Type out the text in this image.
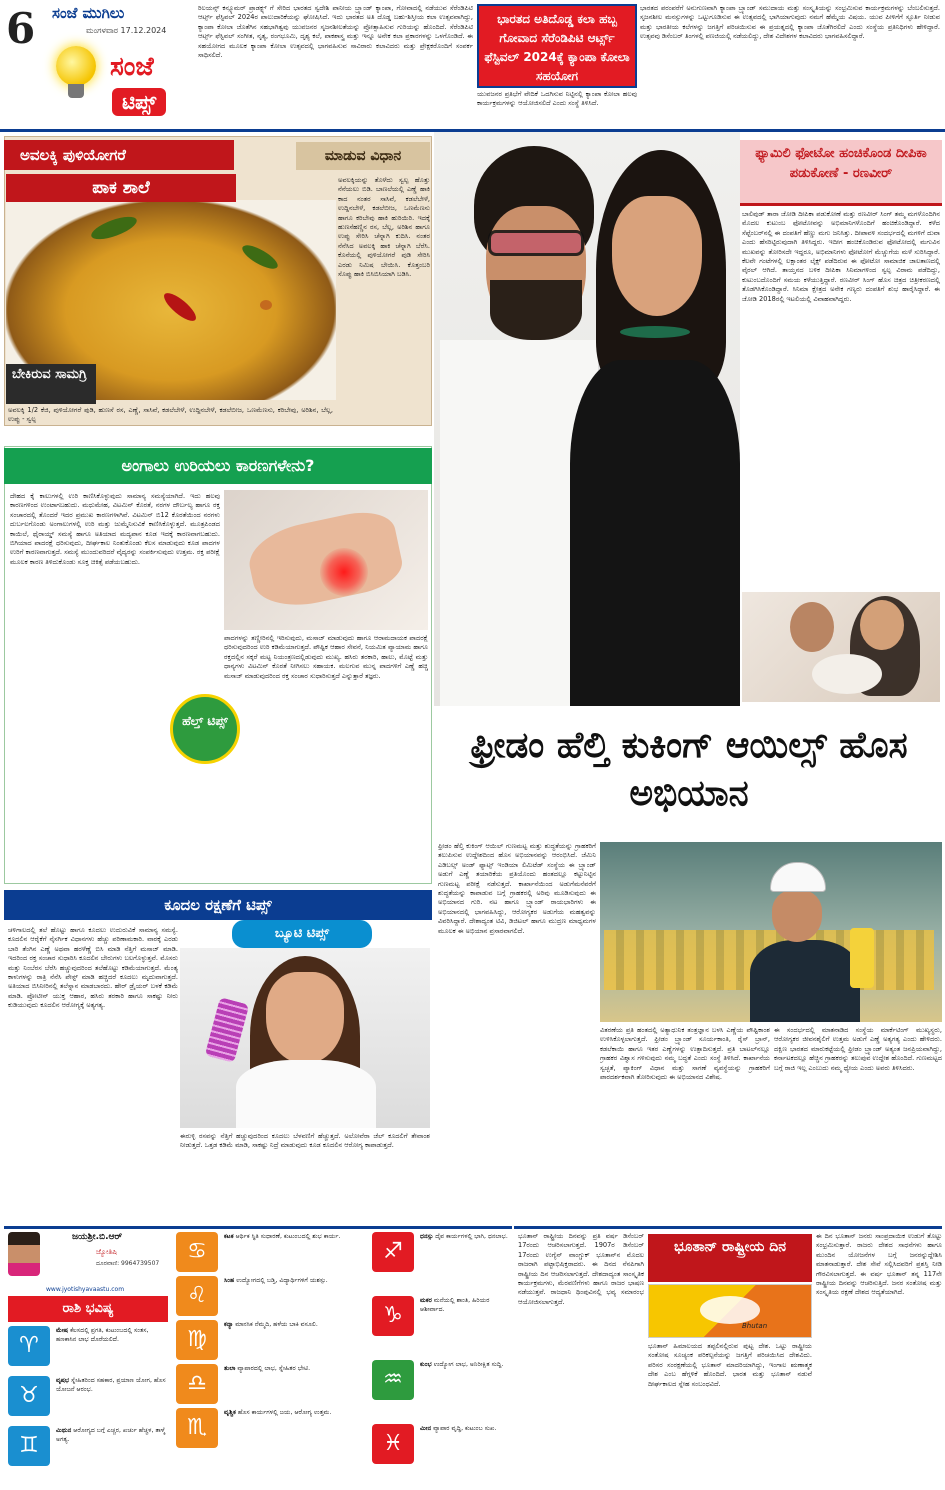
6 ಸಂಜೆ ಮುಗಿಲು
ಮಂಗಳವಾರ 17.12.2024
ಸಂಜೆ
ಟಿಪ್ಸ್
ರಿಲಯನ್ಸ್ ಕನ್ಸ್ಯೂಮರ್ ಪ್ರಾಡಕ್ಟ್ಸ್ ಗೆ ಸೇರಿದ ಭಾರತದ ಸ್ವದೇಶಿ ಪಾನೀಯ ಬ್ರ್ಯಾಂಡ್ ಕ್ಯಾಂಪಾ, ಗೋವಾದಲ್ಲಿ ನಡೆಯುವ ಸೆರೆಂಡಿಪಿಟಿ ಆರ್ಟ್ಸ್ ಫೆಸ್ಟಿವಲ್ 2024ರ ಪಾಲುದಾರಿಕೆಯನ್ನು ಘೋಷಿಸಿದೆ. ಇದು ಭಾರತದ ಅತಿ ದೊಡ್ಡ ಬಹು-ಶಿಸ್ತೀಯ ಕಲಾ ಉತ್ಸವವಾಗಿದ್ದು, ಕ್ಯಾಂಪಾ ಕೋಲಾ ಜೊತೆಗಿನ ಸಹಭಾಗಿತ್ವವು ಯುವಜನರ ಸೃಜನಶೀಲತೆಯನ್ನು ಪ್ರೋತ್ಸಾಹಿಸುವ ಗುರಿಯನ್ನು ಹೊಂದಿದೆ. ಸೆರೆಂಡಿಪಿಟಿ ಆರ್ಟ್ಸ್ ಫೆಸ್ಟಿವಲ್ ಸಂಗೀತ, ನೃತ್ಯ, ರಂಗಭೂಮಿ, ದೃಶ್ಯ ಕಲೆ, ಪಾಕಶಾಸ್ತ್ರ ಮತ್ತು ಇನ್ನೂ ಅನೇಕ ಕಲಾ ಪ್ರಕಾರಗಳನ್ನು ಒಳಗೊಂಡಿದೆ. ಈ ಸಹಯೋಗದ ಮೂಲಕ ಕ್ಯಾಂಪಾ ಕೋಲಾ ಉತ್ಸವದಲ್ಲಿ ಭಾಗವಹಿಸುವ ಸಾವಿರಾರು ಕಲಾವಿದರು ಮತ್ತು ಪ್ರೇಕ್ಷಕರೊಂದಿಗೆ ಸಂಪರ್ಕ ಸಾಧಿಸಲಿದೆ.
ಭಾರತದ ಅತಿದೊಡ್ಡ ಕಲಾ ಹಬ್ಬ ಗೋವಾದ ಸೆರೆಂಡಿಪಿಟಿ ಆರ್ಟ್ಸ್ ಫೆಸ್ಟಿವಲ್ 2024ಕ್ಕೆ ಕ್ಯಾಂಪಾ ಕೋಲಾ ಸಹಯೋಗ
ಯುವಜನರ ಪ್ರತಿಭೆಗೆ ವೇದಿಕೆ ಒದಗಿಸುವ ನಿಟ್ಟಿನಲ್ಲಿ ಕ್ಯಾಂಪಾ ಕೋಲಾ ಹಲವು ಕಾರ್ಯಕ್ರಮಗಳನ್ನು ಆಯೋಜಿಸಲಿದೆ ಎಂದು ಸಂಸ್ಥೆ ತಿಳಿಸಿದೆ.
ಭಾರತದ ಪರಂಪರೆಗೆ ಅನುಗುಣವಾಗಿ ಕ್ಯಾಂಪಾ ಬ್ರ್ಯಾಂಡ್ ಸಮುದಾಯ ಮತ್ತು ಸಂಸ್ಕೃತಿಯನ್ನು ಸಂಭ್ರಮಿಸುವ ಕಾರ್ಯಕ್ರಮಗಳನ್ನು ಬೆಂಬಲಿಸುತ್ತದೆ. ಸೃಜನಶೀಲ ಮನಸ್ಸುಗಳನ್ನು ಒಟ್ಟುಗೂಡಿಸುವ ಈ ಉತ್ಸವದಲ್ಲಿ ಭಾಗಿಯಾಗುವುದು ನಮಗೆ ಹೆಮ್ಮೆಯ ವಿಷಯ. ಯುವ ಪೀಳಿಗೆಗೆ ಸ್ಫೂರ್ತಿ ನೀಡುವ ಮತ್ತು ಭಾರತೀಯ ಕಲೆಗಳನ್ನು ಜಗತ್ತಿಗೆ ಪರಿಚಯಿಸುವ ಈ ಪ್ರಯತ್ನದಲ್ಲಿ ಕ್ಯಾಂಪಾ ಜೊತೆಗಿರಲಿದೆ ಎಂದು ಸಂಸ್ಥೆಯ ಪ್ರತಿನಿಧಿಗಳು ಹೇಳಿದ್ದಾರೆ. ಉತ್ಸವವು ಡಿಸೆಂಬರ್ ತಿಂಗಳಲ್ಲಿ ಪಣಜಿಯಲ್ಲಿ ನಡೆಯಲಿದ್ದು, ದೇಶ ವಿದೇಶಗಳ ಕಲಾವಿದರು ಭಾಗವಹಿಸಲಿದ್ದಾರೆ.
ಅವಲಕ್ಕಿ ಪುಳಿಯೋಗರೆ	ಮಾಡುವ ವಿಧಾನ
ಪಾಕ ಶಾಲೆ
ಬೇಕಿರುವ ಸಾಮಗ್ರಿ
ಅವಲಕ್ಕಿಯನ್ನು ತೊಳೆದು ಸ್ವಲ್ಪ ಹೊತ್ತು ನೆನೆಯಲು ಬಿಡಿ. ಬಾಣಲೆಯಲ್ಲಿ ಎಣ್ಣೆ ಹಾಕಿ ಕಾದ ನಂತರ ಸಾಸಿವೆ, ಕಡಲೆಬೇಳೆ, ಉದ್ದಿನಬೇಳೆ, ಕಡಲೆಬೀಜ, ಒಣಮೆಣಸು ಹಾಗೂ ಕರಿಬೇವು ಹಾಕಿ ಹುರಿಯಿರಿ. ಇದಕ್ಕೆ ಹುಣಸೆಹಣ್ಣಿನ ರಸ, ಬೆಲ್ಲ, ಅರಿಶಿನ ಹಾಗೂ ಉಪ್ಪು ಸೇರಿಸಿ ಚೆನ್ನಾಗಿ ಕುದಿಸಿ. ನಂತರ ನೆನೆಸಿದ ಅವಲಕ್ಕಿ ಹಾಕಿ ಚೆನ್ನಾಗಿ ಬೆರೆಸಿ. ಕೊನೆಯಲ್ಲಿ ಪುಳಿಯೋಗರೆ ಪುಡಿ ಸೇರಿಸಿ ಎರಡು ನಿಮಿಷ ಬೇಯಿಸಿ. ಕೊತ್ತಂಬರಿ ಸೊಪ್ಪು ಹಾಕಿ ಬಿಸಿಬಿಸಿಯಾಗಿ ಬಡಿಸಿ.
ಅವಲಕ್ಕಿ 1/2 ಕೆಜಿ, ಪುಳಿಯೋಗರೆ ಪುಡಿ, ಹುಣಸೆ ರಸ, ಎಣ್ಣೆ, ಸಾಸಿವೆ, ಕಡಲೆಬೇಳೆ, ಉದ್ದಿನಬೇಳೆ, ಕಡಲೆಬೀಜ, ಒಣಮೆಣಸು, ಕರಿಬೇವು, ಅರಿಶಿನ, ಬೆಲ್ಲ, ಉಪ್ಪು - ಸ್ವಲ್ಪ
ಫ್ಯಾಮಿಲಿ ಫೋಟೋ ಹಂಚಿಕೊಂಡ ದೀಪಿಕಾ ಪಡುಕೋಣೆ - ರಣವೀರ್
ಬಾಲಿವುಡ್ ತಾರಾ ಜೋಡಿ ದೀಪಿಕಾ ಪಡುಕೋಣೆ ಮತ್ತು ರಣವೀರ್ ಸಿಂಗ್ ತಮ್ಮ ಮಗಳೊಂದಿಗಿನ ಮೊದಲ ಕುಟುಂಬ ಫೋಟೋವನ್ನು ಅಭಿಮಾನಿಗಳೊಂದಿಗೆ ಹಂಚಿಕೊಂಡಿದ್ದಾರೆ. ಕಳೆದ ಸೆಪ್ಟೆಂಬರ್‌ನಲ್ಲಿ ಈ ದಂಪತಿಗೆ ಹೆಣ್ಣು ಮಗು ಜನಿಸಿತ್ತು. ದೀಪಾವಳಿ ಸಂದರ್ಭದಲ್ಲಿ ಮಗಳಿಗೆ ದುವಾ ಎಂದು ಹೆಸರಿಟ್ಟಿರುವುದಾಗಿ ತಿಳಿಸಿದ್ದರು. ಇದೀಗ ಹಂಚಿಕೊಂಡಿರುವ ಫೋಟೋದಲ್ಲಿ ಮಗುವಿನ ಮುಖವನ್ನು ತೋರಿಸದೇ ಇದ್ದರೂ, ಅಭಿಮಾನಿಗಳು ಫೋಟೋಗೆ ಮೆಚ್ಚುಗೆಯ ಮಳೆ ಸುರಿಸಿದ್ದಾರೆ. ಕೆಲವೇ ಗಂಟೆಗಳಲ್ಲಿ ಲಕ್ಷಾಂತರ ಲೈಕ್ಸ್ ಪಡೆದಿರುವ ಈ ಫೋಟೋ ಸಾಮಾಜಿಕ ಜಾಲತಾಣದಲ್ಲಿ ವೈರಲ್ ಆಗಿದೆ. ತಾಯ್ತನದ ಬಳಿಕ ದೀಪಿಕಾ ಸಿನಿಮಾಗಳಿಂದ ಸ್ವಲ್ಪ ವಿರಾಮ ಪಡೆದಿದ್ದು, ಕುಟುಂಬದೊಂದಿಗೆ ಸಮಯ ಕಳೆಯುತ್ತಿದ್ದಾರೆ. ರಣವೀರ್ ಸಿಂಗ್ ಹೊಸ ಚಿತ್ರದ ಚಿತ್ರೀಕರಣದಲ್ಲಿ ತೊಡಗಿಸಿಕೊಂಡಿದ್ದಾರೆ. ಸಿನಿಮಾ ಕ್ಷೇತ್ರದ ಅನೇಕ ಗಣ್ಯರು ದಂಪತಿಗೆ ಶುಭ ಹಾರೈಸಿದ್ದಾರೆ. ಈ ಜೋಡಿ 2018ರಲ್ಲಿ ಇಟಲಿಯಲ್ಲಿ ವಿವಾಹವಾಗಿದ್ದರು.
ಅಂಗಾಲು ಉರಿಯಲು ಕಾರಣಗಳೇನು?
ದೇಹದ ಕೈ ಕಾಲುಗಳಲ್ಲಿ ಉರಿ ಕಾಣಿಸಿಕೊಳ್ಳುವುದು ಸಾಮಾನ್ಯ ಸಮಸ್ಯೆಯಾಗಿದೆ. ಇದು ಹಲವು ಕಾರಣಗಳಿಂದ ಉಂಟಾಗಬಹುದು. ಮಧುಮೇಹ, ವಿಟಮಿನ್ ಕೊರತೆ, ನರಗಳ ದೌರ್ಬಲ್ಯ ಹಾಗೂ ರಕ್ತ ಸಂಚಾರದಲ್ಲಿ ತೊಂದರೆ ಇದರ ಪ್ರಮುಖ ಕಾರಣಗಳಾಗಿವೆ. ವಿಟಮಿನ್ ಬಿ12 ಕೊರತೆಯಿಂದ ನರಗಳು ದುರ್ಬಲಗೊಂಡು ಅಂಗಾಲುಗಳಲ್ಲಿ ಉರಿ ಮತ್ತು ಜುಮ್ಮೆನಿಸುವಿಕೆ ಕಾಣಿಸಿಕೊಳ್ಳುತ್ತದೆ. ಮೂತ್ರಪಿಂಡದ ಕಾಯಿಲೆ, ಥೈರಾಯ್ಡ್ ಸಮಸ್ಯೆ ಹಾಗೂ ಅತಿಯಾದ ಮದ್ಯಪಾನ ಕೂಡ ಇದಕ್ಕೆ ಕಾರಣವಾಗಬಹುದು. ಬಿಗಿಯಾದ ಪಾದರಕ್ಷೆ ಧರಿಸುವುದು, ದೀರ್ಘಕಾಲ ನಿಂತುಕೊಂಡು ಕೆಲಸ ಮಾಡುವುದು ಕೂಡ ಪಾದಗಳ ಉರಿಗೆ ಕಾರಣವಾಗುತ್ತದೆ. ಸಮಸ್ಯೆ ಮುಂದುವರಿದರೆ ವೈದ್ಯರನ್ನು ಸಂಪರ್ಕಿಸುವುದು ಉತ್ತಮ. ರಕ್ತ ಪರೀಕ್ಷೆ ಮೂಲಕ ಕಾರಣ ತಿಳಿದುಕೊಂಡು ಸೂಕ್ತ ಚಿಕಿತ್ಸೆ ಪಡೆಯಬಹುದು.
ಪಾದಗಳನ್ನು ತಣ್ಣೀರಿನಲ್ಲಿ ಇರಿಸುವುದು, ಮಸಾಜ್ ಮಾಡುವುದು ಹಾಗೂ ಆರಾಮದಾಯಕ ಪಾದರಕ್ಷೆ ಧರಿಸುವುದರಿಂದ ಉರಿ ಕಡಿಮೆಯಾಗುತ್ತದೆ. ಪೌಷ್ಟಿಕ ಆಹಾರ ಸೇವನೆ, ನಿಯಮಿತ ವ್ಯಾಯಾಮ ಹಾಗೂ ರಕ್ತದಲ್ಲಿನ ಸಕ್ಕರೆ ಮಟ್ಟ ನಿಯಂತ್ರಣದಲ್ಲಿಡುವುದು ಮುಖ್ಯ. ಹಸಿರು ತರಕಾರಿ, ಹಾಲು, ಮೊಟ್ಟೆ ಮತ್ತು ಧಾನ್ಯಗಳು ವಿಟಮಿನ್ ಕೊರತೆ ನೀಗಿಸಲು ಸಹಾಯಕ. ಮಲಗುವ ಮುನ್ನ ಪಾದಗಳಿಗೆ ಎಣ್ಣೆ ಹಚ್ಚಿ ಮಸಾಜ್ ಮಾಡುವುದರಿಂದ ರಕ್ತ ಸಂಚಾರ ಸುಧಾರಿಸುತ್ತದೆ ಎನ್ನುತ್ತಾರೆ ತಜ್ಞರು.
ಹೆಲ್ತ್ ಟಿಪ್ಸ್
ಫ್ರೀಡಂ ಹೆಲ್ತಿ ಕುಕಿಂಗ್ ಆಯಿಲ್ಸ್ ಹೊಸ ಅಭಿಯಾನ
ಫ್ರೀಡಂ ಹೆಲ್ತಿ ಕುಕಿಂಗ್ ಆಯಿಲ್ ಗುಣಮಟ್ಟ ಮತ್ತು ಶುದ್ಧತೆಯನ್ನು ಗ್ರಾಹಕರಿಗೆ ತಲುಪಿಸುವ ಉದ್ದೇಶದಿಂದ ಹೊಸ ಅಭಿಯಾನವನ್ನು ಆರಂಭಿಸಿದೆ. ಜೆಮಿನಿ ಎಡಿಬಲ್ಸ್ ಅಂಡ್ ಫ್ಯಾಟ್ಸ್ ಇಂಡಿಯಾ ಲಿಮಿಟೆಡ್ ಸಂಸ್ಥೆಯ ಈ ಬ್ರ್ಯಾಂಡ್ ಅಡುಗೆ ಎಣ್ಣೆ ತಯಾರಿಕೆಯ ಪ್ರತಿಯೊಂದು ಹಂತದಲ್ಲೂ ಕಟ್ಟುನಿಟ್ಟಿನ ಗುಣಮಟ್ಟ ಪರೀಕ್ಷೆ ನಡೆಸುತ್ತದೆ. ಕಾರ್ಖಾನೆಯಿಂದ ಅಡುಗೆಮನೆವರೆಗೆ ಶುದ್ಧತೆಯನ್ನು ಕಾಪಾಡುವ ಬಗ್ಗೆ ಗ್ರಾಹಕರಲ್ಲಿ ಅರಿವು ಮೂಡಿಸುವುದು ಈ ಅಭಿಯಾನದ ಗುರಿ. ನಟ ಹಾಗೂ ಬ್ರ್ಯಾಂಡ್ ರಾಯಭಾರಿಗಳು ಈ ಅಭಿಯಾನದಲ್ಲಿ ಭಾಗವಹಿಸಿದ್ದು, ಆರೋಗ್ಯಕರ ಅಡುಗೆಯ ಮಹತ್ವವನ್ನು ವಿವರಿಸಿದ್ದಾರೆ. ದೇಶಾದ್ಯಂತ ಟಿವಿ, ಡಿಜಿಟಲ್ ಹಾಗೂ ಮುದ್ರಣ ಮಾಧ್ಯಮಗಳ ಮೂಲಕ ಈ ಅಭಿಯಾನ ಪ್ರಸಾರವಾಗಲಿದೆ.
ವಿತರಣೆಯ ಪ್ರತಿ ಹಂತದಲ್ಲಿ ಅತ್ಯಾಧುನಿಕ ತಂತ್ರಜ್ಞಾನ ಬಳಸಿ ಎಣ್ಣೆಯ ಪೌಷ್ಟಿಕಾಂಶ ಉಳಿಸಿಕೊಳ್ಳಲಾಗುತ್ತದೆ. ಫ್ರೀಡಂ ಬ್ರ್ಯಾಂಡ್ ಸೂರ್ಯಕಾಂತಿ, ರೈಸ್ ಬ್ರಾನ್, ಕಡಲೆಕಾಯಿ ಹಾಗೂ ಇತರ ಎಣ್ಣೆಗಳನ್ನು ಉತ್ಪಾದಿಸುತ್ತದೆ. ಪ್ರತಿ ಬಾಟಲ್‌ನಲ್ಲೂ ಗ್ರಾಹಕರ ವಿಶ್ವಾಸ ಗಳಿಸುವುದು ನಮ್ಮ ಬದ್ಧತೆ ಎಂದು ಸಂಸ್ಥೆ ತಿಳಿಸಿದೆ. ಕಾರ್ಖಾನೆಯ ಸ್ವಚ್ಛತೆ, ಪ್ಯಾಕಿಂಗ್ ವಿಧಾನ ಮತ್ತು ಸಾಗಣೆ ವ್ಯವಸ್ಥೆಯನ್ನು ಗ್ರಾಹಕರಿಗೆ ಪಾರದರ್ಶಕವಾಗಿ ತೋರಿಸುವುದು ಈ ಅಭಿಯಾನದ ವಿಶೇಷ.
ಈ ಸಂದರ್ಭದಲ್ಲಿ ಮಾತನಾಡಿದ ಸಂಸ್ಥೆಯ ಮಾರ್ಕೆಟಿಂಗ್ ಮುಖ್ಯಸ್ಥರು, ಆರೋಗ್ಯಕರ ಜೀವನಶೈಲಿಗೆ ಉತ್ತಮ ಅಡುಗೆ ಎಣ್ಣೆ ಅತ್ಯಗತ್ಯ ಎಂದು ಹೇಳಿದರು. ದಕ್ಷಿಣ ಭಾರತದ ಮಾರುಕಟ್ಟೆಯಲ್ಲಿ ಫ್ರೀಡಂ ಬ್ರ್ಯಾಂಡ್ ಅತ್ಯಂತ ಜನಪ್ರಿಯವಾಗಿದ್ದು, ಕರ್ನಾಟಕದಲ್ಲೂ ಹೆಚ್ಚಿನ ಗ್ರಾಹಕರನ್ನು ತಲುಪುವ ಉದ್ದೇಶ ಹೊಂದಿದೆ. ಗುಣಮಟ್ಟದ ಬಗ್ಗೆ ರಾಜಿ ಇಲ್ಲ ಎಂಬುದು ನಮ್ಮ ಧ್ಯೇಯ ಎಂದು ಅವರು ತಿಳಿಸಿದರು.
ಕೂದಲ ರಕ್ಷಣೆಗೆ ಟಿಪ್ಸ್
ಚಳಿಗಾಲದಲ್ಲಿ ತಲೆ ಹೊಟ್ಟು ಹಾಗೂ ಕೂದಲು ಉದುರುವಿಕೆ ಸಾಮಾನ್ಯ ಸಮಸ್ಯೆ. ಕೂದಲಿನ ಆರೈಕೆಗೆ ನೈಸರ್ಗಿಕ ವಿಧಾನಗಳು ಹೆಚ್ಚು ಪರಿಣಾಮಕಾರಿ. ವಾರಕ್ಕೆ ಎರಡು ಬಾರಿ ತೆಂಗಿನ ಎಣ್ಣೆ ಅಥವಾ ಹರಳೆಣ್ಣೆ ಬಿಸಿ ಮಾಡಿ ನೆತ್ತಿಗೆ ಮಸಾಜ್ ಮಾಡಿ. ಇದರಿಂದ ರಕ್ತ ಸಂಚಾರ ಸುಧಾರಿಸಿ ಕೂದಲಿನ ಬೇರುಗಳು ಬಲಗೊಳ್ಳುತ್ತವೆ. ಮೊಸರು ಮತ್ತು ನಿಂಬೆರಸ ಬೆರೆಸಿ ಹಚ್ಚುವುದರಿಂದ ತಲೆಹೊಟ್ಟು ಕಡಿಮೆಯಾಗುತ್ತದೆ. ಮೆಂತ್ಯ ಕಾಳುಗಳನ್ನು ರಾತ್ರಿ ನೆನೆಸಿ ಪೇಸ್ಟ್ ಮಾಡಿ ಹಚ್ಚಿದರೆ ಕೂದಲು ಮೃದುವಾಗುತ್ತದೆ. ಅತಿಯಾದ ಬಿಸಿನೀರಿನಲ್ಲಿ ತಲೆಸ್ನಾನ ಮಾಡಬಾರದು. ಹೇರ್ ಡ್ರೈಯರ್ ಬಳಕೆ ಕಡಿಮೆ ಮಾಡಿ. ಪ್ರೋಟೀನ್ ಯುಕ್ತ ಆಹಾರ, ಹಸಿರು ತರಕಾರಿ ಹಾಗೂ ಸಾಕಷ್ಟು ನೀರು ಕುಡಿಯುವುದು ಕೂದಲಿನ ಆರೋಗ್ಯಕ್ಕೆ ಅತ್ಯಗತ್ಯ.
ಬ್ಯೂಟಿ ಟಿಪ್ಸ್
ಈರುಳ್ಳಿ ರಸವನ್ನು ನೆತ್ತಿಗೆ ಹಚ್ಚುವುದರಿಂದ ಕೂದಲು ಬೆಳವಣಿಗೆ ಹೆಚ್ಚುತ್ತದೆ. ಅಲೋವೆರಾ ಜೆಲ್ ಕೂದಲಿಗೆ ತೇವಾಂಶ ನೀಡುತ್ತದೆ. ಒತ್ತಡ ಕಡಿಮೆ ಮಾಡಿ, ಸಾಕಷ್ಟು ನಿದ್ರೆ ಮಾಡುವುದು ಕೂಡ ಕೂದಲಿನ ಆರೋಗ್ಯ ಕಾಪಾಡುತ್ತದೆ.
ಜಯಶ್ರೀ.ಬಿ.ಆರ್
ಜ್ಯೋತಿಷಿ
ದೂರವಾಣಿ: 9964739507
www.jyotishyavaastu.com
ರಾಶಿ ಭವಿಷ್ಯ
♈
ಮೇಷ ಕೆಲಸದಲ್ಲಿ ಪ್ರಗತಿ, ಕುಟುಂಬದಲ್ಲಿ ಸಂತಸ, ಹಣಕಾಸಿನ ಲಾಭ ದೊರೆಯಲಿದೆ.
♉
ವೃಷಭ ಸ್ನೇಹಿತರಿಂದ ಸಹಕಾರ, ಪ್ರಯಾಣ ಯೋಗ, ಹೊಸ ಯೋಜನೆ ಆರಂಭ.
♊
ಮಿಥುನ ಆರೋಗ್ಯದ ಬಗ್ಗೆ ಎಚ್ಚರ, ಖರ್ಚು ಹೆಚ್ಚಳ, ತಾಳ್ಮೆ ಅಗತ್ಯ.
♋
ಕಟಕ ಆರ್ಥಿಕ ಸ್ಥಿತಿ ಸುಧಾರಣೆ, ಕುಟುಂಬದಲ್ಲಿ ಶುಭ ಕಾರ್ಯ.
♌
ಸಿಂಹ ಉದ್ಯೋಗದಲ್ಲಿ ಬಡ್ತಿ, ವಿದ್ಯಾರ್ಥಿಗಳಿಗೆ ಯಶಸ್ಸು.
♍
ಕನ್ಯಾ ಮಾನಸಿಕ ನೆಮ್ಮದಿ, ಹಳೆಯ ಬಾಕಿ ವಸೂಲಿ.
♎
ತುಲಾ ವ್ಯಾಪಾರದಲ್ಲಿ ಲಾಭ, ಸ್ನೇಹಿತರ ಭೇಟಿ.
♏
ವೃಶ್ಚಿಕ ಹೊಸ ಕಾರ್ಯಗಳಲ್ಲಿ ಜಯ, ಆರೋಗ್ಯ ಉತ್ತಮ.
♐
ಧನಸ್ಸು ದೈವ ಕಾರ್ಯಗಳಲ್ಲಿ ಭಾಗಿ, ಧನಲಾಭ.
♑
ಮಕರ ಮನೆಯಲ್ಲಿ ಶಾಂತಿ, ಹಿರಿಯರ ಆಶೀರ್ವಾದ.
♒
ಕುಂಭ ಉದ್ಯೋಗ ಲಾಭ, ಅನಿರೀಕ್ಷಿತ ಸುದ್ದಿ.
♓
ಮೀನ ವ್ಯಾಪಾರ ವೃದ್ಧಿ, ಕುಟುಂಬ ಸುಖ.
ಭೂತಾನ್ ರಾಷ್ಟ್ರೀಯ ದಿನವನ್ನು ಪ್ರತಿ ವರ್ಷ ಡಿಸೆಂಬರ್ 17ರಂದು ಆಚರಿಸಲಾಗುತ್ತದೆ. 1907ರ ಡಿಸೆಂಬರ್ 17ರಂದು ಉಗ್ಯೆನ್ ವಾಂಗ್ಚುಕ್ ಭೂತಾನ್‌ನ ಮೊದಲ ರಾಜರಾಗಿ ಪಟ್ಟಾಭಿಷಿಕ್ತರಾದರು. ಈ ದಿನದ ನೆನಪಿಗಾಗಿ ರಾಷ್ಟ್ರೀಯ ದಿನ ಆಚರಿಸಲಾಗುತ್ತದೆ. ದೇಶದಾದ್ಯಂತ ಸಾಂಸ್ಕೃತಿಕ ಕಾರ್ಯಕ್ರಮಗಳು, ಮೆರವಣಿಗೆಗಳು ಹಾಗೂ ರಾಜರ ಭಾಷಣ ನಡೆಯುತ್ತವೆ. ರಾಜಧಾನಿ ಥಿಂಪುವಿನಲ್ಲಿ ಭವ್ಯ ಸಮಾರಂಭ ಆಯೋಜಿಸಲಾಗುತ್ತದೆ.
ಭೂತಾನ್ ರಾಷ್ಟ್ರೀಯ ದಿನ
Bhutan
ಭೂತಾನ್ ಹಿಮಾಲಯದ ತಪ್ಪಲಿನಲ್ಲಿರುವ ಪುಟ್ಟ ದೇಶ. ಒಟ್ಟು ರಾಷ್ಟ್ರೀಯ ಸಂತೋಷ ಸೂಚ್ಯಂಕ ಪರಿಕಲ್ಪನೆಯನ್ನು ಜಗತ್ತಿಗೆ ಪರಿಚಯಿಸಿದ ದೇಶವಿದು. ಪರಿಸರ ಸಂರಕ್ಷಣೆಯಲ್ಲಿ ಭೂತಾನ್ ಮಾದರಿಯಾಗಿದ್ದು, ಇಂಗಾಲ ಋಣಾತ್ಮಕ ದೇಶ ಎಂಬ ಹೆಗ್ಗಳಿಕೆ ಹೊಂದಿದೆ. ಭಾರತ ಮತ್ತು ಭೂತಾನ್ ನಡುವೆ ದೀರ್ಘಕಾಲದ ಸ್ನೇಹ ಸಂಬಂಧವಿದೆ.
ಈ ದಿನ ಭೂತಾನ್ ಜನರು ಸಾಂಪ್ರದಾಯಿಕ ಉಡುಗೆ ತೊಟ್ಟು ಸಂಭ್ರಮಿಸುತ್ತಾರೆ. ರಾಜರು ದೇಶದ ಸಾಧನೆಗಳು ಹಾಗೂ ಮುಂದಿನ ಯೋಜನೆಗಳ ಬಗ್ಗೆ ಜನರನ್ನುದ್ದೇಶಿಸಿ ಮಾತನಾಡುತ್ತಾರೆ. ದೇಶ ಸೇವೆ ಸಲ್ಲಿಸಿದವರಿಗೆ ಪ್ರಶಸ್ತಿ ನೀಡಿ ಗೌರವಿಸಲಾಗುತ್ತದೆ. ಈ ವರ್ಷ ಭೂತಾನ್ ತನ್ನ 117ನೇ ರಾಷ್ಟ್ರೀಯ ದಿನವನ್ನು ಆಚರಿಸುತ್ತಿದೆ. ಜನರ ಸಂತೋಷ ಮತ್ತು ಸಂಸ್ಕೃತಿಯ ರಕ್ಷಣೆ ದೇಶದ ಆದ್ಯತೆಯಾಗಿದೆ.
